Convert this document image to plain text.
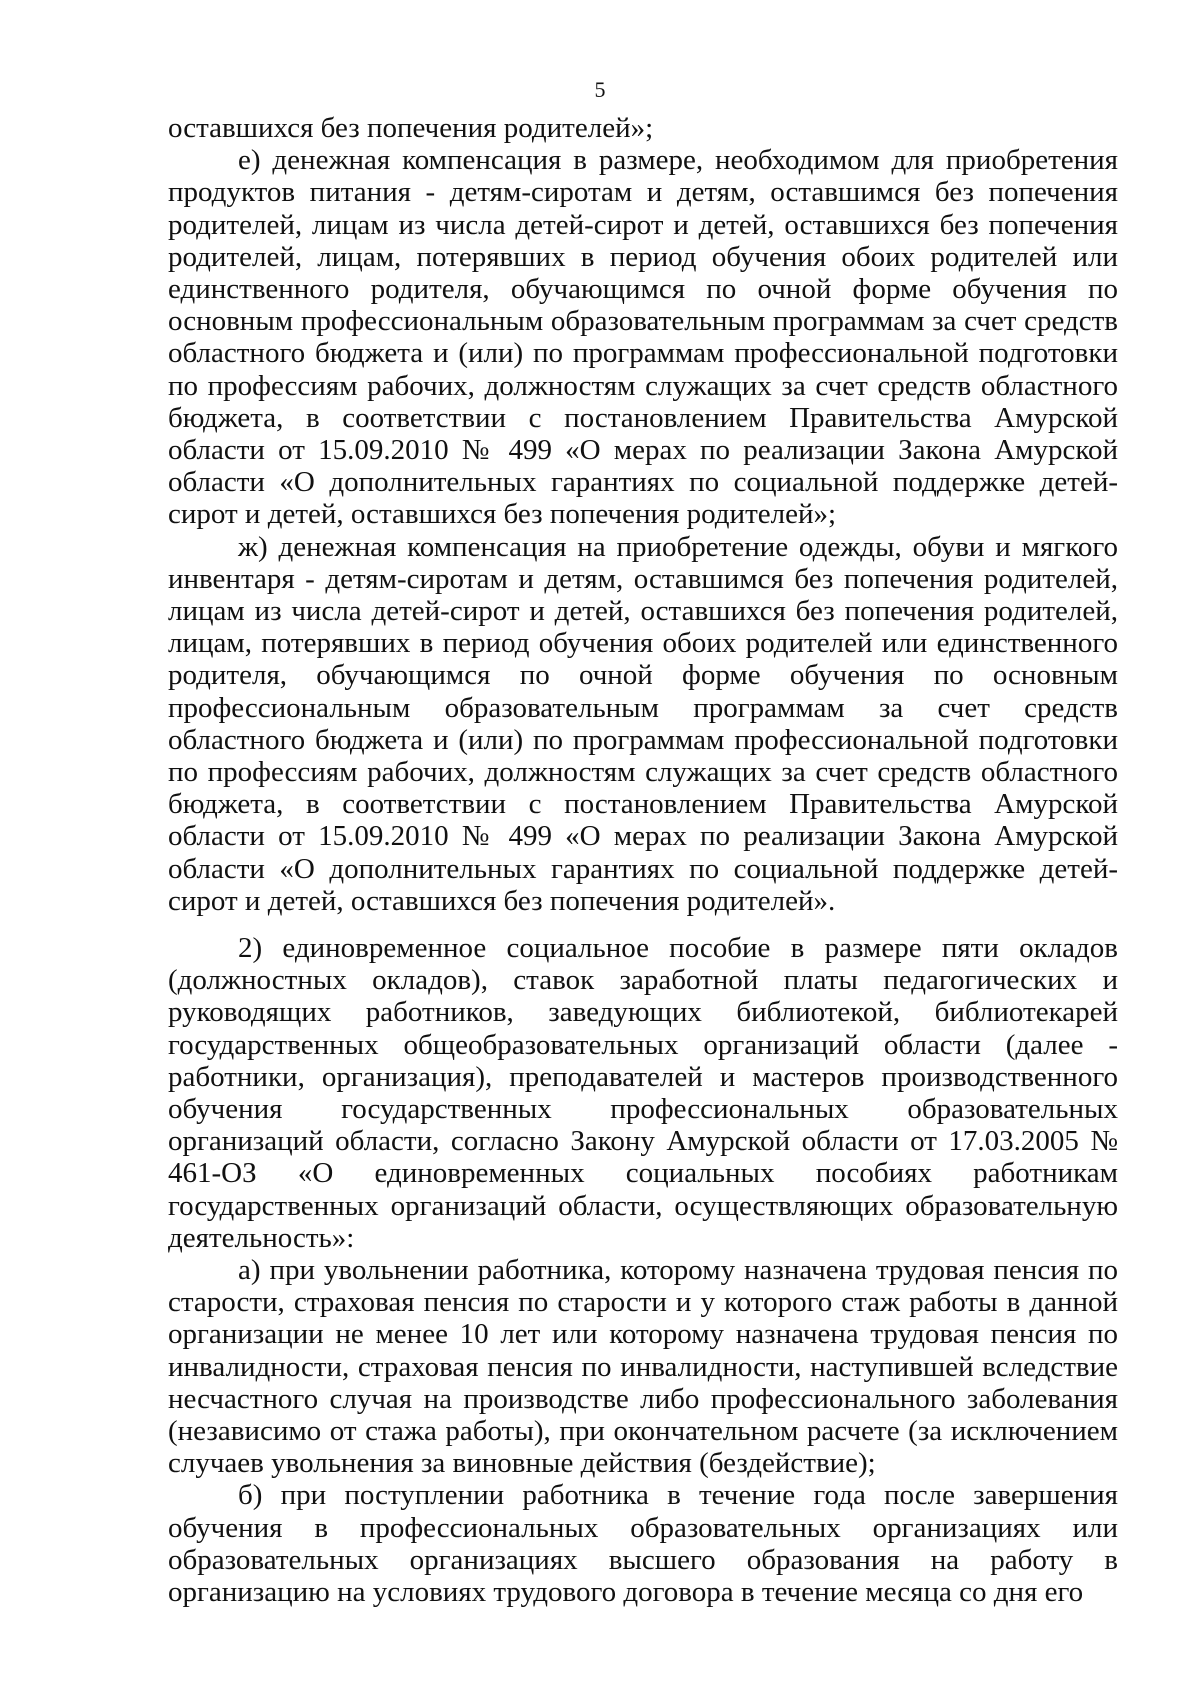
5

оставшихся без попечения родителей»;

е) денежная компенсация в размере, необходимом для приобретения продуктов питания - детям-сиротам и детям, оставшимся без попечения родителей, лицам из числа детей-сирот и детей, оставшихся без попечения родителей, лицам, потерявших в период обучения обоих родителей или единственного родителя, обучающимся по очной форме обучения по основным профессиональным образовательным программам за счет средств областного бюджета и (или) по программам профессиональной подготовки по профессиям рабочих, должностям служащих за счет средств областного бюджета, в соответствии с постановлением Правительства Амурской области от 15.09.2010 № 499 «О мерах по реализации Закона Амурской области «О дополнительных гарантиях по социальной поддержке детей-сирот и детей, оставшихся без попечения родителей»;

ж) денежная компенсация на приобретение одежды, обуви и мягкого инвентаря - детям-сиротам и детям, оставшимся без попечения родителей, лицам из числа детей-сирот и детей, оставшихся без попечения родителей, лицам, потерявших в период обучения обоих родителей или единственного родителя, обучающимся по очной форме обучения по основным профессиональным образовательным программам за счет средств областного бюджета и (или) по программам профессиональной подготовки по профессиям рабочих, должностям служащих за счет средств областного бюджета, в соответствии с постановлением Правительства Амурской области от 15.09.2010 № 499 «О мерах по реализации Закона Амурской области «О дополнительных гарантиях по социальной поддержке детей-сирот и детей, оставшихся без попечения родителей».

2) единовременное социальное пособие в размере пяти окладов (должностных окладов), ставок заработной платы педагогических и руководящих работников, заведующих библиотекой, библиотекарей государственных общеобразовательных организаций области (далее - работники, организация), преподавателей и мастеров производственного обучения государственных профессиональных образовательных организаций области, согласно Закону Амурской области от 17.03.2005 № 461-ОЗ «О единовременных социальных пособиях работникам государственных организаций области, осуществляющих образовательную деятельность»:

а) при увольнении работника, которому назначена трудовая пенсия по старости, страховая пенсия по старости и у которого стаж работы в данной организации не менее 10 лет или которому назначена трудовая пенсия по инвалидности, страховая пенсия по инвалидности, наступившей вследствие несчастного случая на производстве либо профессионального заболевания (независимо от стажа работы), при окончательном расчете (за исключением случаев увольнения за виновные действия (бездействие);

б) при поступлении работника в течение года после завершения обучения в профессиональных образовательных организациях или образовательных организациях высшего образования на работу в организацию на условиях трудового договора в течение месяца со дня его
